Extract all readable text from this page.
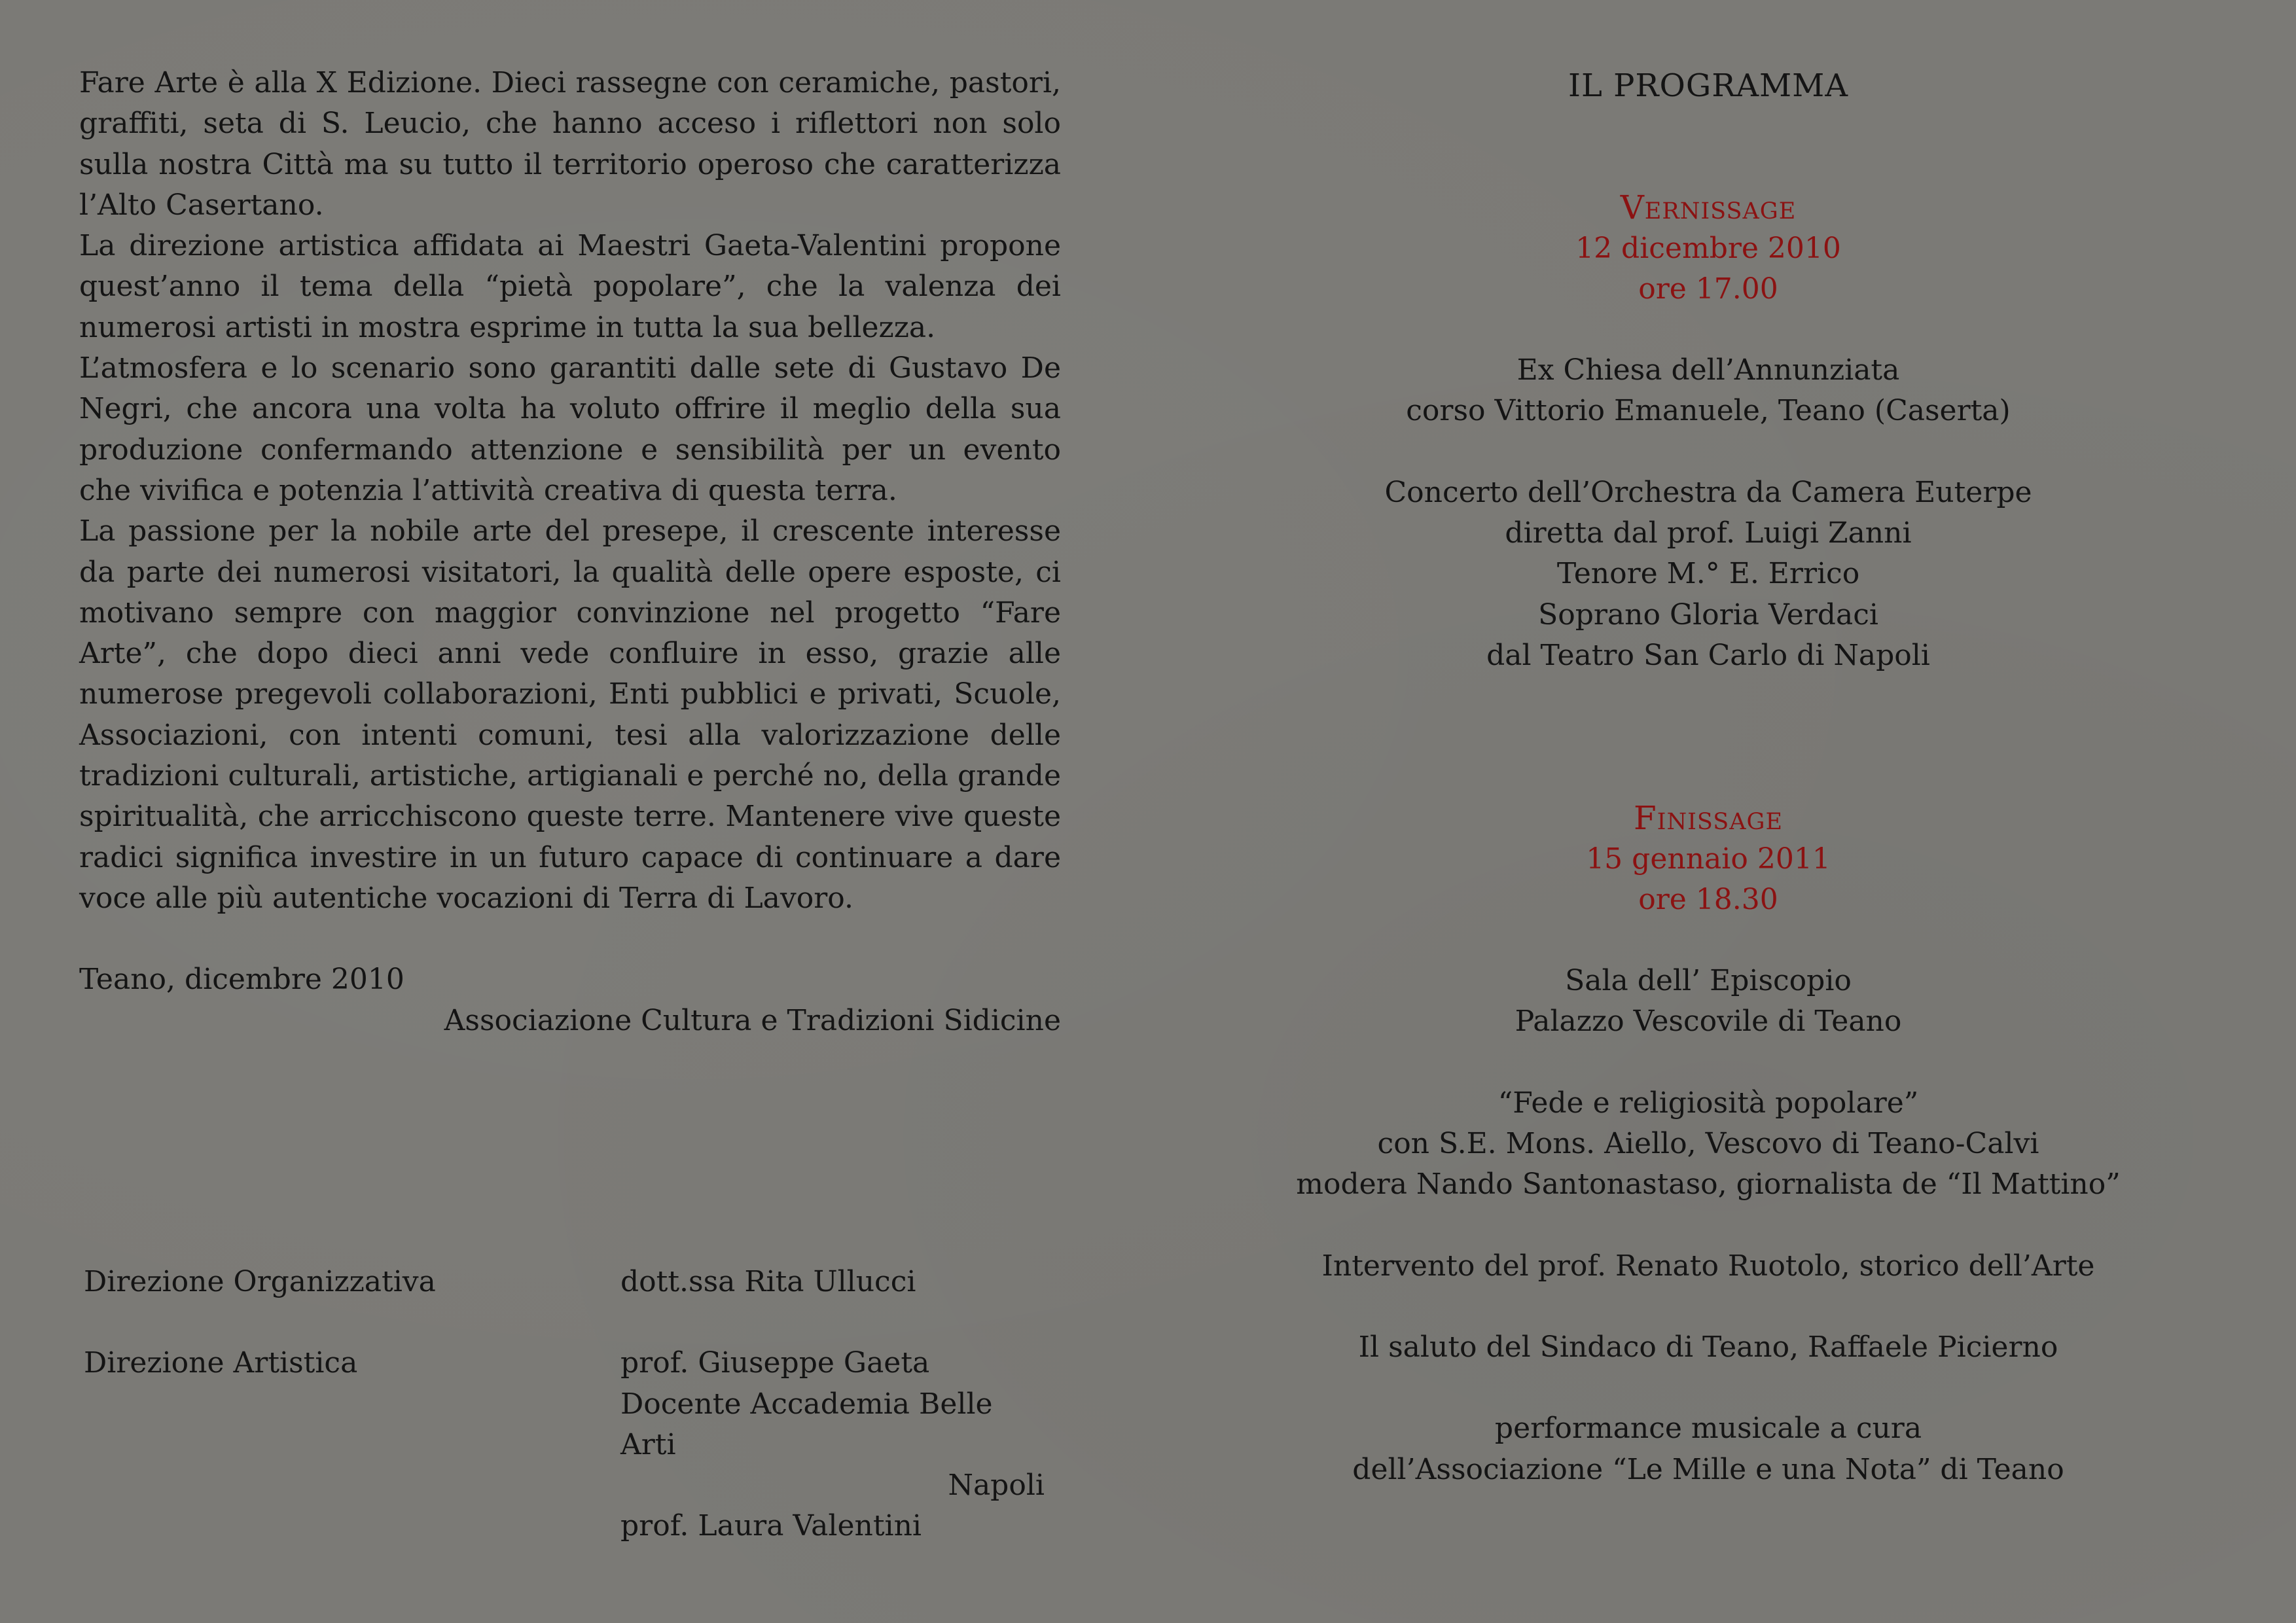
Fare Arte è alla X Edizione. Dieci rassegne con ceramiche, pastori, graffiti, seta di S. Leucio, che hanno acceso i riflettori non solo sulla nostra Città ma su tutto il territorio operoso che caratterizza l’Alto Casertano.

La direzione artistica affidata ai Maestri Gaeta-Valentini propone quest’anno il tema della “pietà popolare”, che la valenza dei numerosi artisti in mostra esprime in tutta la sua bellezza.

L’atmosfera e lo scenario sono garantiti dalle sete di Gustavo De Negri, che ancora una volta ha voluto offrire il meglio della sua produzione confermando attenzione e sensibilità per un evento che vivifica e potenzia l’attività creativa di questa terra.

La passione per la nobile arte del presepe, il crescente interesse da parte dei numerosi visitatori, la qualità delle opere esposte, ci motivano sempre con maggior convinzione nel progetto “Fare Arte”, che dopo dieci anni vede confluire in esso, grazie alle numerose pregevoli collaborazioni, Enti pubblici e privati, Scuole, Associazioni, con intenti comuni, tesi alla valorizzazione delle tradizioni culturali, artistiche, artigianali e perché no, della grande spiritualità, che arricchiscono queste terre. Mantenere vive queste radici significa investire in un futuro capace di continuare a dare voce alle più autentiche vocazioni di Terra di Lavoro.

Teano, dicembre 2010

Associazione Cultura e Tradizioni Sidicine

Direzione Organizzativa	dott.ssa Rita Ullucci
Direzione Artistica	prof. Giuseppe Gaeta
Docente Accademia Belle Arti
Napoli
prof. Laura Valentini
IL PROGRAMMA
Vernissage
12 dicembre 2010
ore 17.00
Ex Chiesa dell’Annunziata
corso Vittorio Emanuele, Teano (Caserta)
Concerto dell’Orchestra da Camera Euterpe
diretta dal prof. Luigi Zanni
Tenore M.° E. Errico
Soprano Gloria Verdaci
dal Teatro San Carlo di Napoli
Finissage
15 gennaio 2011
ore 18.30
Sala dell’ Episcopio
Palazzo Vescovile di Teano
“Fede e religiosità popolare”
con S.E. Mons. Aiello, Vescovo di Teano-Calvi
modera Nando Santonastaso, giornalista de “Il Mattino”
Intervento del prof. Renato Ruotolo, storico dell’Arte
Il saluto del Sindaco di Teano, Raffaele Picierno
performance musicale a cura
dell’Associazione “Le Mille e una Nota” di Teano
